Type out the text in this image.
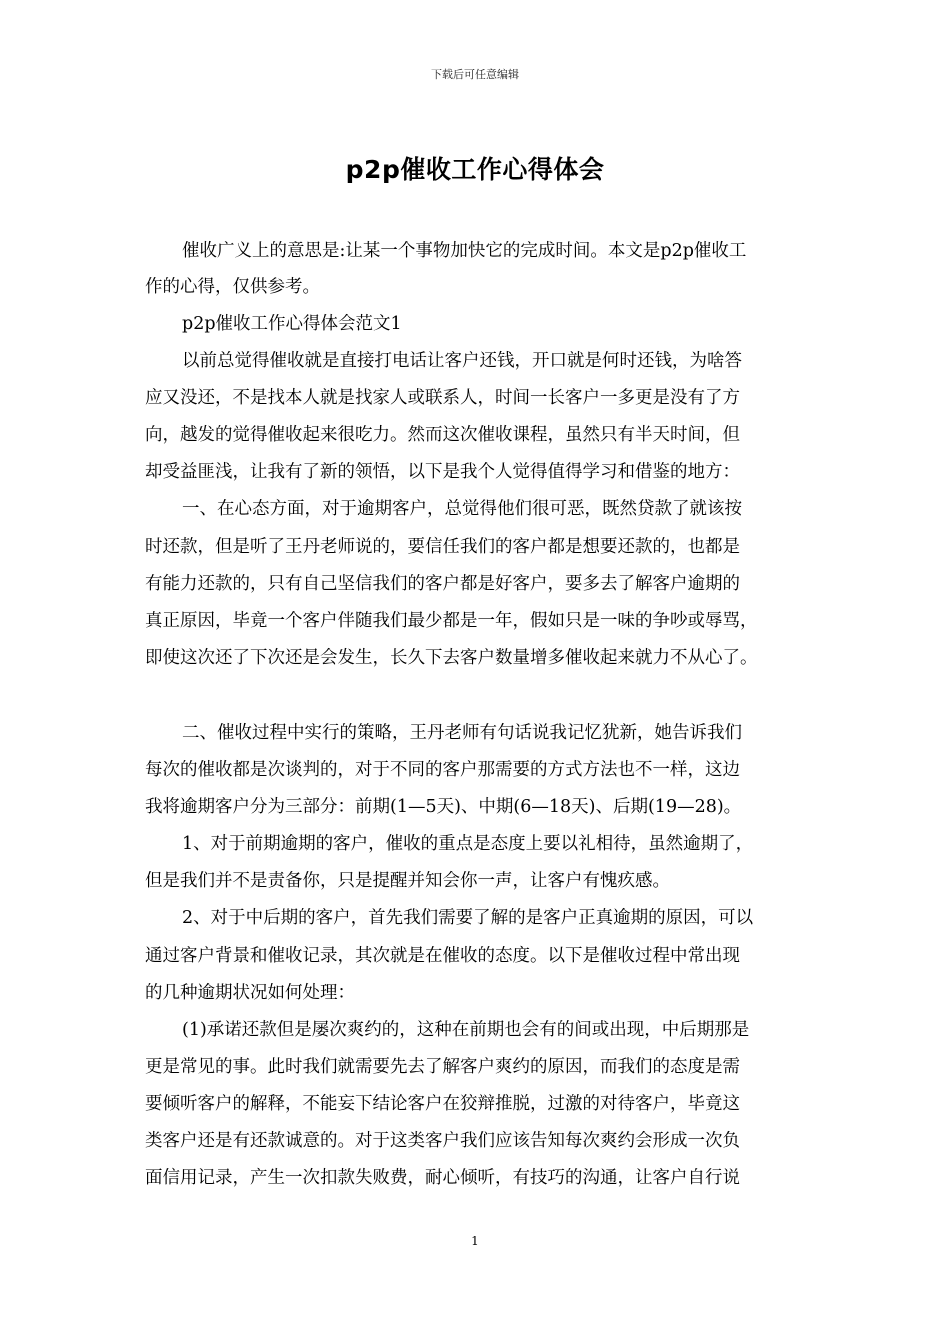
下载后可任意编辑
p2p催收工作心得体会
催收广义上的意思是:让某一个事物加快它的完成时间。本文是p2p催收工
作的心得，仅供参考。
p2p催收工作心得体会范文1
以前总觉得催收就是直接打电话让客户还钱，开口就是何时还钱，为啥答
应又没还，不是找本人就是找家人或联系人，时间一长客户一多更是没有了方
向，越发的觉得催收起来很吃力。然而这次催收课程，虽然只有半天时间，但
却受益匪浅，让我有了新的领悟，以下是我个人觉得值得学习和借鉴的地方：
一、在心态方面，对于逾期客户，总觉得他们很可恶，既然贷款了就该按
时还款，但是听了王丹老师说的，要信任我们的客户都是想要还款的，也都是
有能力还款的，只有自己坚信我们的客户都是好客户，要多去了解客户逾期的
真正原因，毕竟一个客户伴随我们最少都是一年，假如只是一味的争吵或辱骂，
即使这次还了下次还是会发生，长久下去客户数量增多催收起来就力不从心了。
二、催收过程中实行的策略，王丹老师有句话说我记忆犹新，她告诉我们
每次的催收都是次谈判的，对于不同的客户那需要的方式方法也不一样，这边
我将逾期客户分为三部分：前期(1—5天)、中期(6—18天)、后期(19—28)。
1、对于前期逾期的客户，催收的重点是态度上要以礼相待，虽然逾期了，
但是我们并不是责备你，只是提醒并知会你一声，让客户有愧疚感。
2、对于中后期的客户，首先我们需要了解的是客户正真逾期的原因，可以
通过客户背景和催收记录，其次就是在催收的态度。以下是催收过程中常出现
的几种逾期状况如何处理：
(1)承诺还款但是屡次爽约的，这种在前期也会有的间或出现，中后期那是
更是常见的事。此时我们就需要先去了解客户爽约的原因，而我们的态度是需
要倾听客户的解释，不能妄下结论客户在狡辩推脱，过激的对待客户，毕竟这
类客户还是有还款诚意的。对于这类客户我们应该告知每次爽约会形成一次负
面信用记录，产生一次扣款失败费，耐心倾听，有技巧的沟通，让客户自行说
1
